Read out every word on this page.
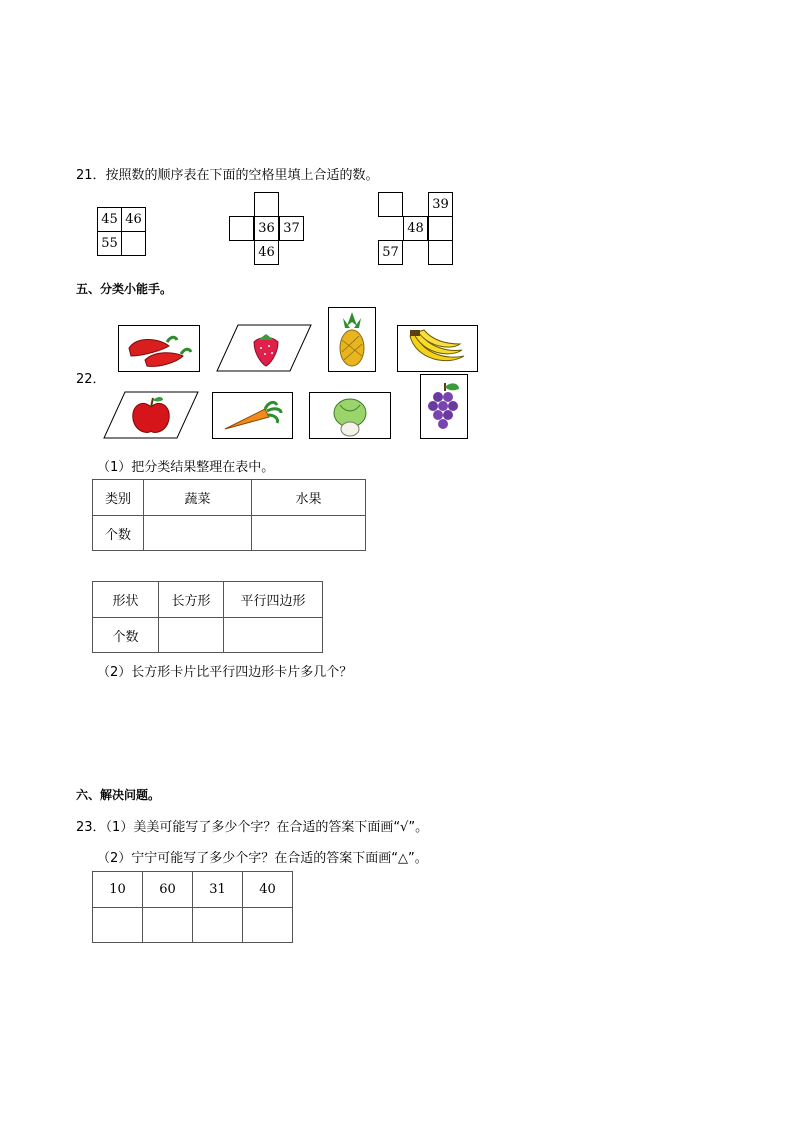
21．按照数的顺序表在下面的空格里填上合适的数。
45 46
55
36 37
46
39
48
57
五、分类小能手。
22．
（1）把分类结果整理在表中。
类别	蔬菜	水果
个数		
形状	长方形	平行四边形
个数		
（2）长方形卡片比平行四边形卡片多几个？
六、解决问题。
23．（1）美美可能写了多少个字？在合适的答案下面画“√”。
（2）宁宁可能写了多少个字？在合适的答案下面画“△”。
10	60	31	40
